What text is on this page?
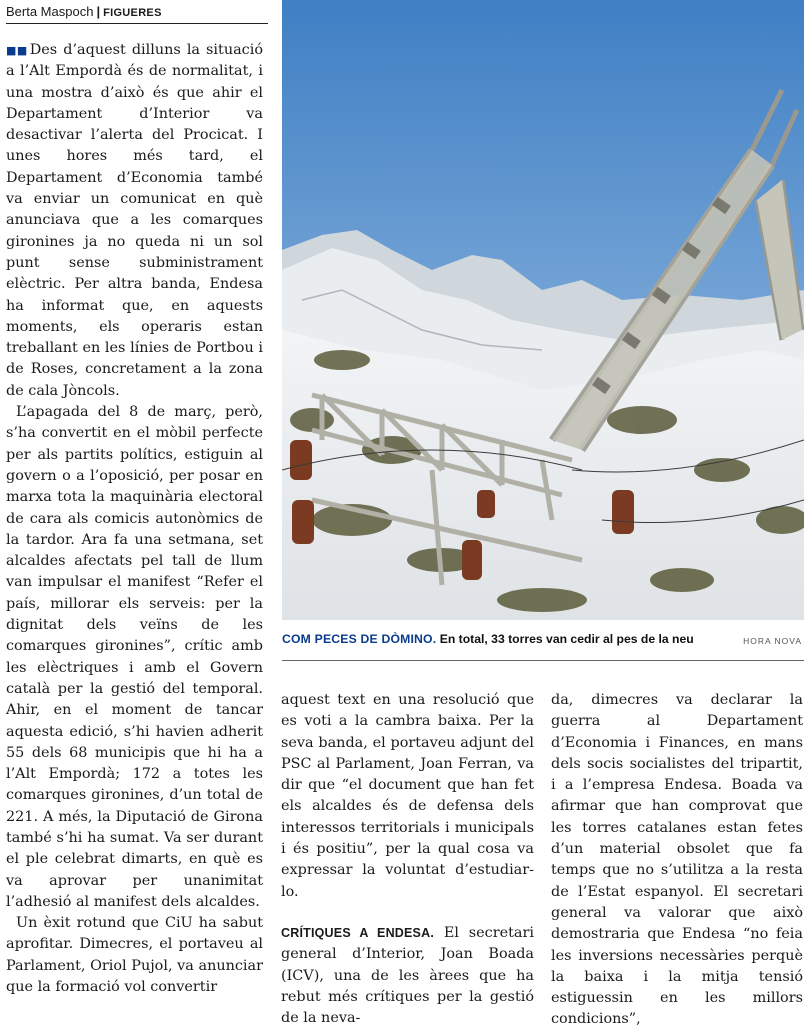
Berta Maspoch | FIGUERES

■■ Des d’aquest dilluns la situació a l’Alt Empordà és de normalitat, i una mostra d’això és que ahir el Departament d’Interior va desactivar l’alerta del Procicat. I unes hores més tard, el Departament d’Economia també va enviar un comunicat en què anunciava que a les comarques gironines ja no queda ni un sol punt sense subministrament elèctric. Per altra banda, Endesa ha informat que, en aquests moments, els operaris estan treballant en les línies de Portbou i de Roses, concretament a la zona de cala Jòncols.

L’apagada del 8 de març, però, s’ha convertit en el mòbil perfecte per als partits polítics, estiguin al govern o a l’oposició, per posar en marxa tota la maquinària electoral de cara als comicis autonòmics de la tardor. Ara fa una setmana, set alcaldes afectats pel tall de llum van impulsar el manifest “Refer el país, millorar els serveis: per la dignitat dels veïns de les comarques gironines”, crític amb les elèctriques i amb el Govern català per la gestió del temporal. Ahir, en el moment de tancar aquesta edició, s’hi havien adherit 55 dels 68 municipis que hi ha a l’Alt Empordà; 172 a totes les comarques gironines, d’un total de 221. A més, la Diputació de Girona també s’hi ha sumat. Va ser durant el ple celebrat dimarts, en què es va aprovar per unanimitat l’adhesió al manifest dels alcaldes.

Un èxit rotund que CiU ha sabut aprofitar. Dimecres, el portaveu al Parlament, Oriol Pujol, va anunciar que la formació vol convertir

COM PECES DE DÒMINO. En total, 33 torres van cedir al pes de la neu	HORA NOVA

aquest text en una resolució que es voti a la cambra baixa. Per la seva banda, el portaveu adjunt del PSC al Parlament, Joan Ferran, va dir que “el document que han fet els alcaldes és de defensa dels interessos territorials i municipals i és positiu”, per la qual cosa va expressar la voluntat d’estudiar-lo.

CRÍTIQUES A ENDESA. El secretari general d’Interior, Joan Boada (ICV), una de les àrees que ha rebut més crítiques per la gestió de la neva-

da, dimecres va declarar la guerra al Departament d’Economia i Finances, en mans dels socis socialistes del tripartit, i a l’empresa Endesa. Boada va afirmar que han comprovat que les torres catalanes estan fetes d’un material obsolet que fa temps que no s’utilitza a la resta de l’Estat espanyol. El secretari general va valorar que això demostraria que Endesa “no feia les inversions necessàries perquè la baixa i la mitja tensió estiguessin en les millors condicions”,
